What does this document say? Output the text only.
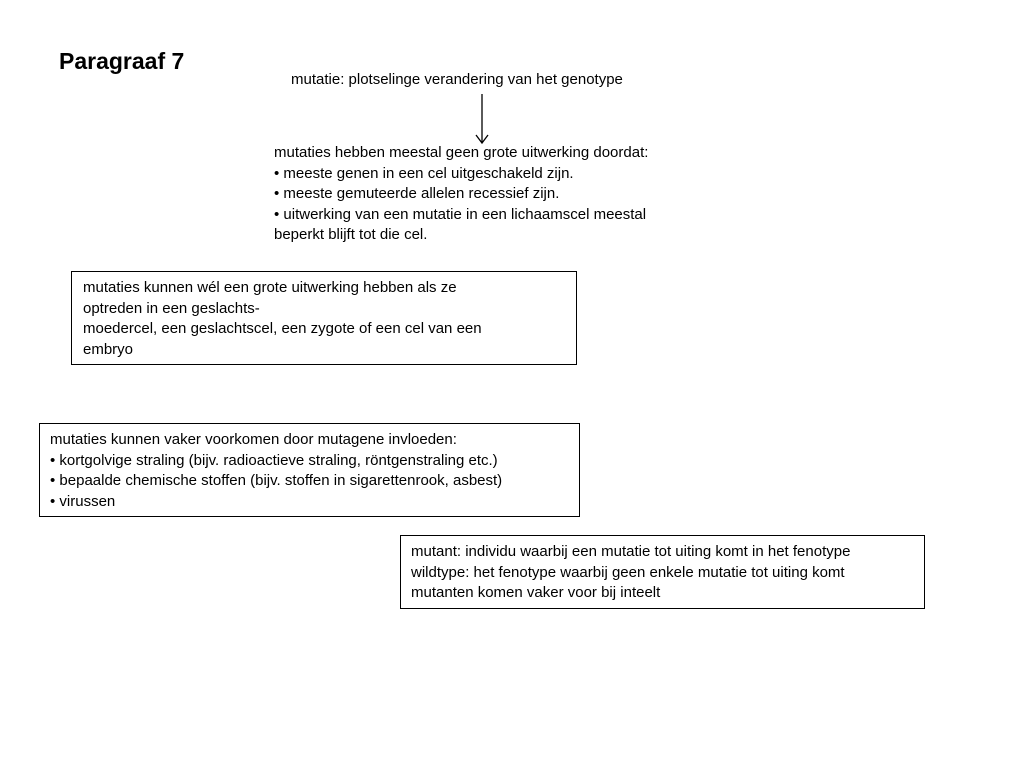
Paragraaf 7
mutatie: plotselinge verandering van het genotype
mutaties hebben meestal geen grote uitwerking doordat:
• meeste genen in een cel uitgeschakeld zijn.
• meeste gemuteerde allelen recessief zijn.
• uitwerking van een mutatie in een lichaamscel meestal
beperkt blijft tot die cel.
mutaties kunnen wél een grote uitwerking hebben als ze
optreden in een geslachts-
moedercel, een geslachtscel, een zygote of een cel van een
embryo
mutaties kunnen vaker voorkomen door mutagene invloeden:
• kortgolvige straling (bijv. radioactieve straling, röntgenstraling etc.)
• bepaalde chemische stoffen (bijv. stoffen in sigarettenrook, asbest)
• virussen
mutant: individu waarbij een mutatie tot uiting komt in het fenotype
wildtype: het fenotype waarbij geen enkele mutatie tot uiting komt
mutanten komen vaker voor bij inteelt
